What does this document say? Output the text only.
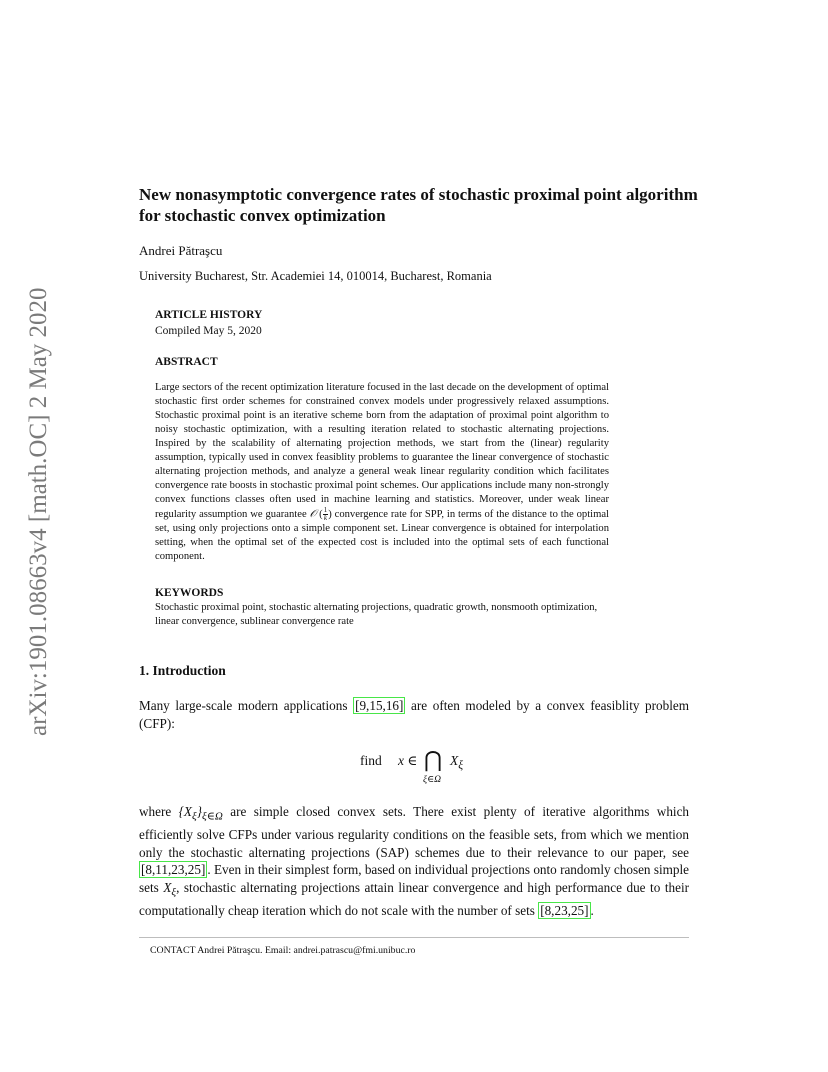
arXiv:1901.08663v4 [math.OC] 2 May 2020
New nonasymptotic convergence rates of stochastic proximal point algorithm for stochastic convex optimization
Andrei Pătraşcu
University Bucharest, Str. Academiei 14, 010014, Bucharest, Romania
ARTICLE HISTORY
Compiled May 5, 2020
ABSTRACT

Large sectors of the recent optimization literature focused in the last decade on the development of optimal stochastic first order schemes for constrained convex models under progressively relaxed assumptions. Stochastic proximal point is an iterative scheme born from the adaptation of proximal point algorithm to noisy stochastic optimization, with a resulting iteration related to stochastic alternating projections. Inspired by the scalability of alternating projection methods, we start from the (linear) regularity assumption, typically used in convex feasiblity problems to guarantee the linear convergence of stochastic alternating projection methods, and analyze a general weak linear regularity condition which facilitates convergence rate boosts in stochastic proximal point schemes. Our applications include many non-strongly convex functions classes often used in machine learning and statistics. Moreover, under weak linear regularity assumption we guarantee 𝒪 ( $\frac{1}{k}$) convergence rate for SPP, in terms of the distance to the optimal set, using only projections onto a simple component set. Linear convergence is obtained for interpolation setting, when the optimal set of the expected cost is included into the optimal sets of each functional component.

KEYWORDS

Stochastic proximal point, stochastic alternating projections, quadratic growth, nonsmooth optimization, linear convergence, sublinear convergence rate

1. Introduction

Many large-scale modern applications [9,15,16] are often modeled by a convex feasiblity problem (CFP):

find x ∈ ⋂
ξ∈Ω
$X_\xi$

where $\{X_\xi\}_{\xi\in\Omega}$ are simple closed convex sets. There exist plenty of iterative algorithms which efficiently solve CFPs under various regularity conditions on the feasible sets, from which we mention only the stochastic alternating projections (SAP) schemes due to their relevance to our paper, see [8,11,23,25] . Even in their simplest form, based on individual projections onto randomly chosen simple sets $X_\xi$, stochastic alternating projections attain linear convergence and high performance due to their computationally cheap iteration which do not scale with the number of sets [8,23,25] .

CONTACT Andrei Pătraşcu. Email: andrei.patrascu@fmi.unibuc.ro
